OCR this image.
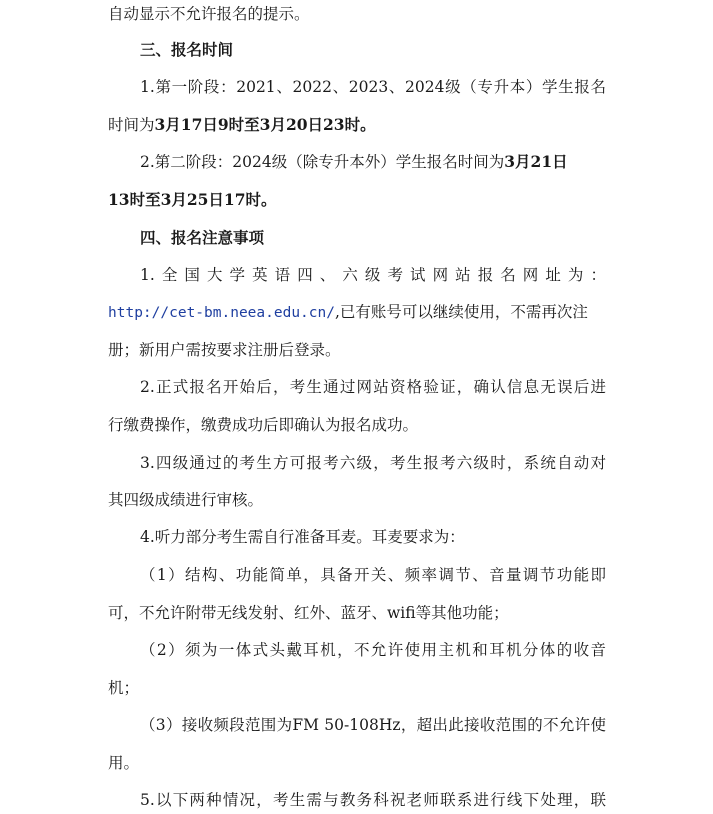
自动显示不允许报名的提示。
三、报名时间
1.第一阶段：2021、2022、2023、2024级（专升本）学生报名
时间为3月17日9时至3月20日23时。
2.第二阶段：2024级（除专升本外）学生报名时间为3月21日
13时至3月25日17时。
四、报名注意事项
1.全国大学英语四、六级考试网站报名网址为：
http://cet-bm.neea.edu.cn/,已有账号可以继续使用，不需再次注
册；新用户需按要求注册后登录。
2.正式报名开始后，考生通过网站资格验证，确认信息无误后进
行缴费操作，缴费成功后即确认为报名成功。
3.四级通过的考生方可报考六级，考生报考六级时，系统自动对
其四级成绩进行审核。
4.听力部分考生需自行准备耳麦。耳麦要求为：
（1）结构、功能简单，具备开关、频率调节、音量调节功能即
可，不允许附带无线发射、红外、蓝牙、wifi等其他功能；
（2）须为一体式头戴耳机，不允许使用主机和耳机分体的收音
机；
（3）接收频段范围为FM 50-108Hz，超出此接收范围的不允许使
用。
5.以下两种情况，考生需与教务科祝老师联系进行线下处理，联
